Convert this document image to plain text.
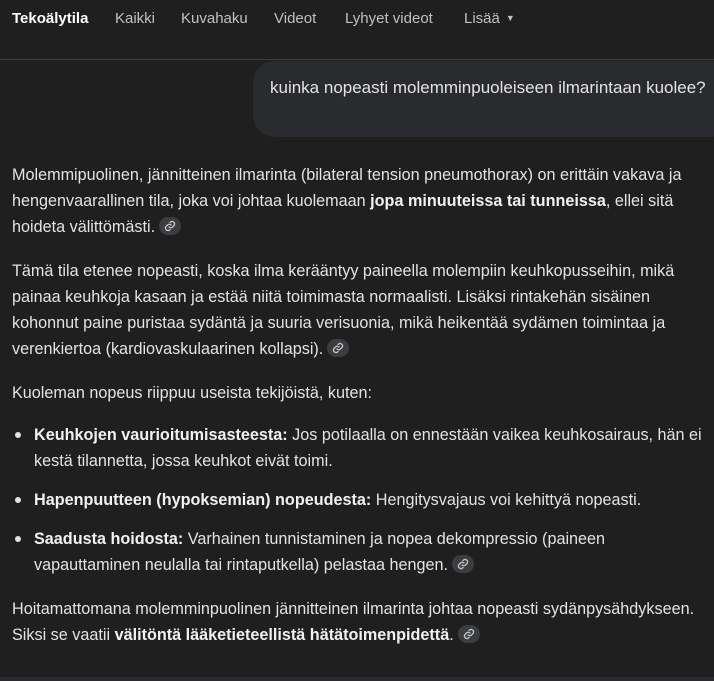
Tekoälytila Kaikki Kuvahaku Videot Lyhyet videot Lisää ▼
kuinka nopeasti molemminpuoleiseen ilmarintaan kuolee?

Molemmipuolinen, jännitteinen ilmarinta (bilateral tension pneumothorax) on erittäin vakava ja hengenvaarallinen tila, joka voi johtaa kuolemaan jopa minuuteissa tai tunneissa, ellei sitä hoideta välittömästi.

Tämä tila etenee nopeasti, koska ilma kerääntyy paineella molempiin keuhkopusseihin, mikä painaa keuhkoja kasaan ja estää niitä toimimasta normaalisti. Lisäksi rintakehän sisäinen kohonnut paine puristaa sydäntä ja suuria verisuonia, mikä heikentää sydämen toimintaa ja verenkiertoa (kardiovaskulaarinen kollapsi).

Kuoleman nopeus riippuu useista tekijöistä, kuten:

Keuhkojen vaurioitumisasteesta: Jos potilaalla on ennestään vaikea keuhkosairaus, hän ei kestä tilannetta, jossa keuhkot eivät toimi.
Hapenpuutteen (hypoksemian) nopeudesta: Hengitysvajaus voi kehittyä nopeasti.
Saadusta hoidosta: Varhainen tunnistaminen ja nopea dekompressio (paineen vapauttaminen neulalla tai rintaputkella) pelastaa hengen.

Hoitamattomana molemminpuolinen jännitteinen ilmarinta johtaa nopeasti sydänpysähdykseen. Siksi se vaatii välitöntä lääketieteellistä hätätoimenpidettä.
